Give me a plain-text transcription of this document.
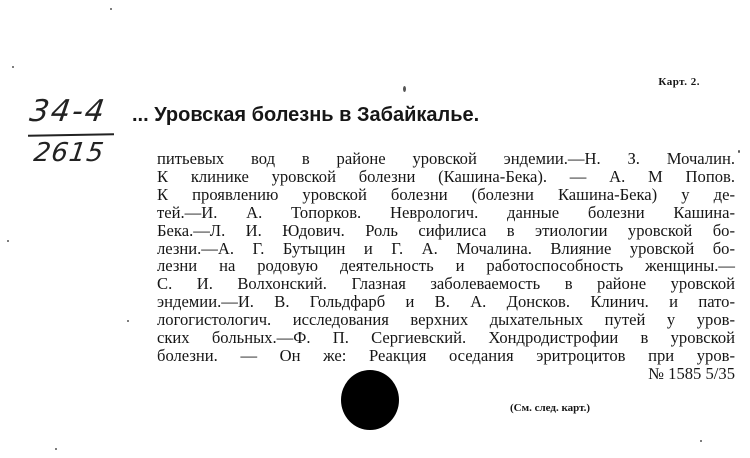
Карт. 2.
34-4
2615
... Уровская болезнь в Забайкалье.
питьевых вод в районе уровской эндемии.—Н. З. Мочалин.
К клинике уровской болезни (Кашина-Бека). — А. М Попов.
К проявлению уровской болезни (болезни Кашина-Бека) у де-
тей.—И. А. Топорков. Неврологич. данные болезни Кашина-
Бека.—Л. И. Юдович. Роль сифилиса в этиологии уровской бо-
лезни.—А. Г. Бутыцин и Г. А. Мочалина. Влияние уровской бо-
лезни на родовую деятельность и работоспособность женщины.—
С. И. Волхонский. Глазная заболеваемость в районе уровской
эндемии.—И. В. Гольдфарб и В. А. Донсков. Клинич. и пато-
логогистологич. исследования верхних дыхательных путей у уров-
ских больных.—Ф. П. Сергиевский. Хондродистрофии в уровской
болезни. — Он же: Реакция оседания эритроцитов при уров-
№ 1585 5/35
(См. след. карт.)
